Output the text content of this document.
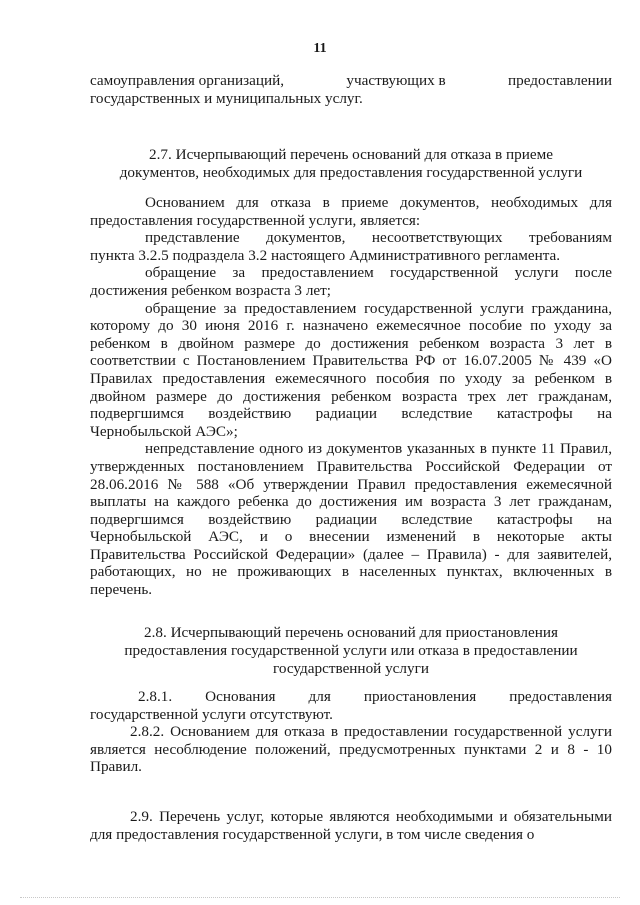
11

самоуправления организаций,	участвующих в	предоставлении

государственных и муниципальных услуг.

2.7. Исчерпывающий перечень оснований для отказа в приеме

документов, необходимых для предоставления государственной услуги

Основанием для отказа в приеме документов, необходимых для

предоставления государственной услуги, является:

представление документов, несоответствующих требованиям

пункта 3.2.5 подраздела 3.2 настоящего Административного регламента.

обращение за предоставлением государственной услуги после

достижения ребенком возраста 3 лет;

обращение за предоставлением государственной услуги гражданина,

которому до 30 июня 2016 г. назначено ежемесячное пособие по уходу за

ребенком в двойном размере до достижения ребенком возраста 3 лет в

соответствии с Постановлением Правительства РФ от 16.07.2005 № 439 «О

Правилах предоставления ежемесячного пособия по уходу за ребенком в

двойном размере до достижения ребенком возраста трех лет гражданам,

подвергшимся воздействию радиации вследствие катастрофы на

Чернобыльской АЭС»;

непредставление одного из документов указанных в пункте 11 Правил,

утвержденных постановлением Правительства Российской Федерации от

28.06.2016 № 588 «Об утверждении Правил предоставления ежемесячной

выплаты на каждого ребенка до достижения им возраста 3 лет гражданам,

подвергшимся воздействию радиации вследствие катастрофы на

Чернобыльской АЭС, и о внесении изменений в некоторые акты

Правительства Российской Федерации» (далее – Правила) - для заявителей,

работающих, но не проживающих в населенных пунктах, включенных в

перечень.

2.8. Исчерпывающий перечень оснований для приостановления

предоставления государственной услуги или отказа в предоставлении

государственной услуги

2.8.1. Основания для приостановления предоставления

государственной услуги отсутствуют.

2.8.2. Основанием для отказа в предоставлении государственной услуги

является несоблюдение положений, предусмотренных пунктами 2 и 8 - 10

Правил.

2.9. Перечень услуг, которые являются необходимыми и обязательными

для предоставления государственной услуги, в том числе сведения о
